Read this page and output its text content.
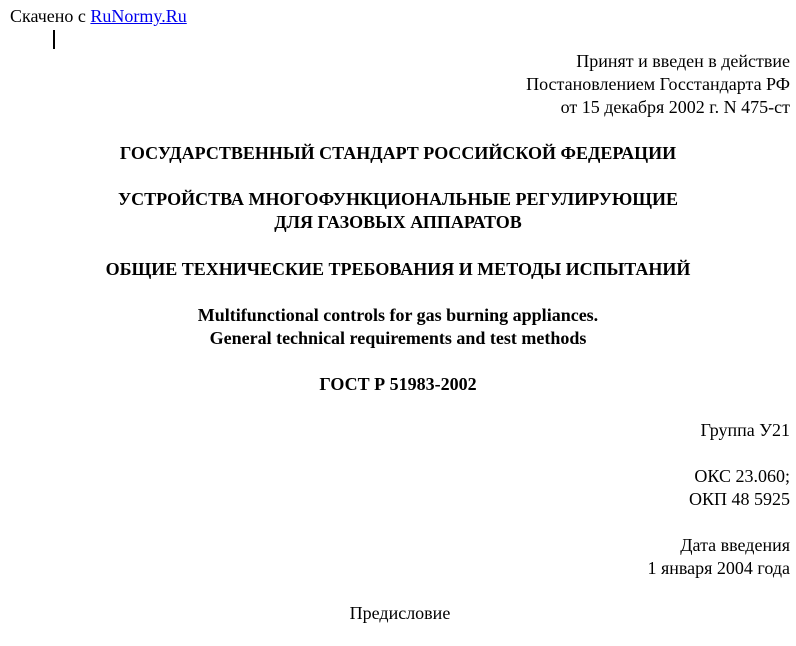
Скачено с RuNormy.Ru
Принят и введен в действие
Постановлением Госстандарта РФ
от 15 декабря 2002 г. N 475-ст
ГОСУДАРСТВЕННЫЙ СТАНДАРТ РОССИЙСКОЙ ФЕДЕРАЦИИ
УСТРОЙСТВА МНОГОФУНКЦИОНАЛЬНЫЕ РЕГУЛИРУЮЩИЕ
ДЛЯ ГАЗОВЫХ АППАРАТОВ
ОБЩИЕ ТЕХНИЧЕСКИЕ ТРЕБОВАНИЯ И МЕТОДЫ ИСПЫТАНИЙ
Multifunctional controls for gas burning appliances.
General technical requirements and test methods
ГОСТ Р 51983-2002
Группа У21
ОКС 23.060;
ОКП 48 5925
Дата введения
1 января 2004 года
Предисловие
